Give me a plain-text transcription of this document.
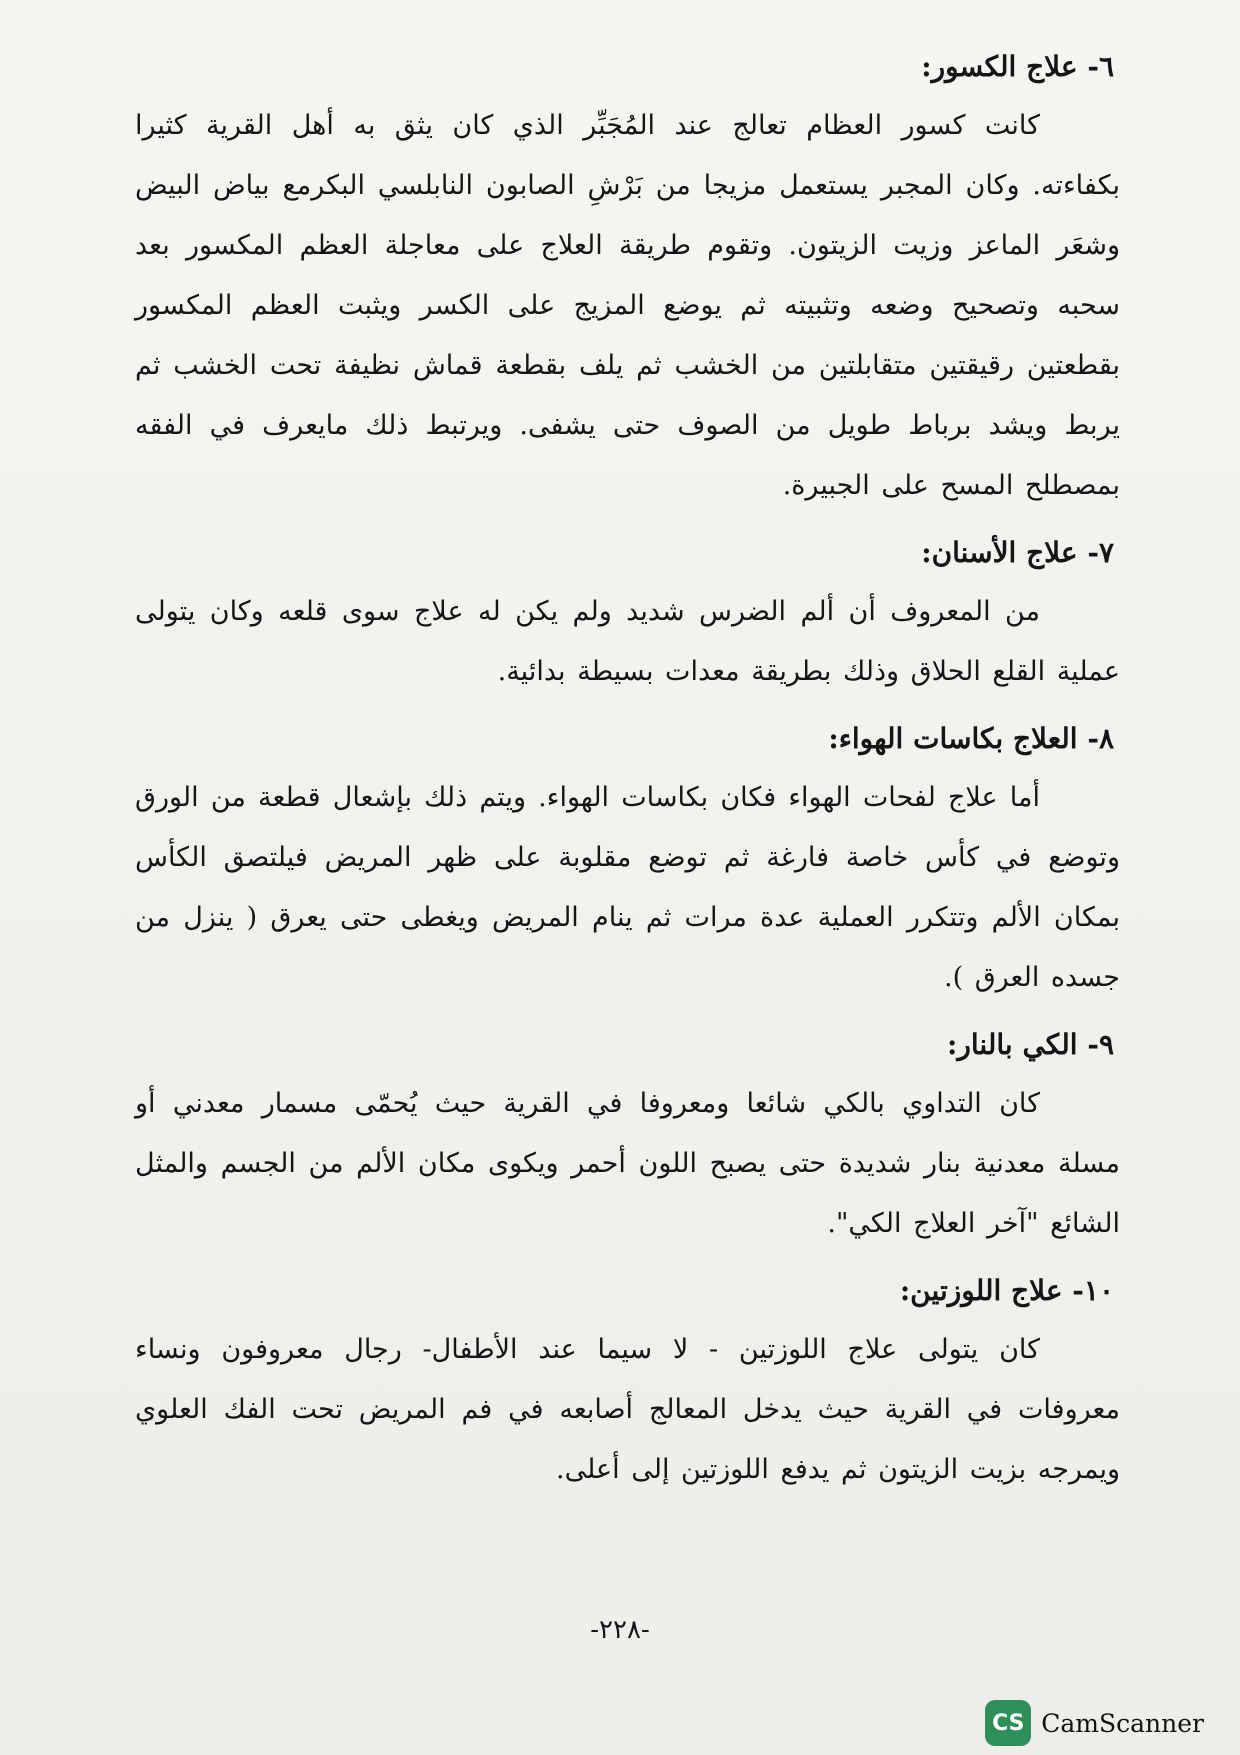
٦- علاج الكسور:

كانت كسور العظام تعالج عند المُجَبِّر الذي كان يثق به أهل القرية كثيرا بكفاءته. وكان المجبر يستعمل مزيجا من بَرْشِ الصابون النابلسي البكرمع بياض البيض وشعَر الماعز وزيت الزيتون. وتقوم طريقة العلاج على معاجلة العظم المكسور بعد سحبه وتصحيح وضعه وتثبيته ثم يوضع المزيج على الكسر ويثبت العظم المكسور بقطعتين رقيقتين متقابلتين من الخشب ثم يلف بقطعة قماش نظيفة تحت الخشب ثم يربط ويشد برباط طويل من الصوف حتى يشفى. ويرتبط ذلك مايعرف في الفقه بمصطلح المسح على الجبيرة.

٧- علاج الأسنان:

من المعروف أن ألم الضرس شديد ولم يكن له علاج سوى قلعه وكان يتولى عملية القلع الحلاق وذلك بطريقة معدات بسيطة بدائية.

٨- العلاج بكاسات الهواء:

أما علاج لفحات الهواء فكان بكاسات الهواء. ويتم ذلك بإشعال قطعة من الورق وتوضع في كأس خاصة فارغة ثم توضع مقلوبة على ظهر المريض فيلتصق الكأس بمكان الألم وتتكرر العملية عدة مرات ثم ينام المريض ويغطى حتى يعرق ( ينزل من جسده العرق ).

٩- الكي بالنار:

كان التداوي بالكي شائعا ومعروفا في القرية حيث يُحمّى مسمار معدني أو مسلة معدنية بنار شديدة حتى يصبح اللون أحمر ويكوى مكان الألم من الجسم والمثل الشائع "آخر العلاج الكي".

١٠- علاج اللوزتين:

كان يتولى علاج اللوزتين - لا سيما عند الأطفال- رجال معروفون ونساء معروفات في القرية حيث يدخل المعالج أصابعه في فم المريض تحت الفك العلوي ويمرجه بزيت الزيتون ثم يدفع اللوزتين إلى أعلى.

-٢٢٨-
CS CamScanner
